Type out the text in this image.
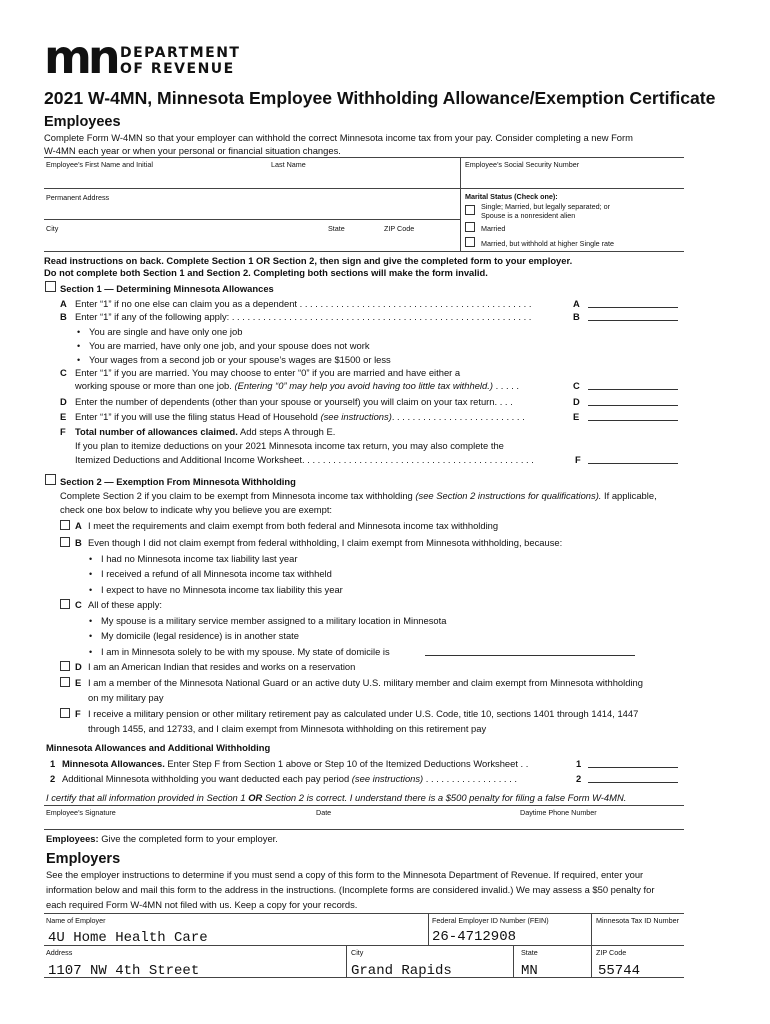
mn DEPARTMENT
OF REVENUE
2021 W-4MN, Minnesota Employee Withholding Allowance/Exemption Certificate
Employees
Complete Form W-4MN so that your employer can withhold the correct Minnesota income tax from your pay. Consider completing a new Form
W-4MN each year or when your personal or financial situation changes.
Employee’s First Name and Initial	Last Name	Employee’s Social Security Number
Permanent Address	Marital Status (Check one):
Single; Married, but legally separated; or
Spouse is a nonresident alien
Married
Married, but withhold at higher Single rate
City	State	ZIP Code
Read instructions on back. Complete Section 1 OR Section 2, then sign and give the completed form to your employer.
Do not complete both Section 1 and Section 2. Completing both sections will make the form invalid.
Section 1 — Determining Minnesota Allowances
A Enter “1” if no one else can claim you as a dependent . . . . . . . . . . . . . . . . . . . . . . . . . . . . . . . . . . . . . . . . . . . . .	A
B Enter “1” if any of the following apply: . . . . . . . . . . . . . . . . . . . . . . . . . . . . . . . . . . . . . . . . . . . . . . . . . . . . . . . . . .	B
• You are single and have only one job
• You are married, have only one job, and your spouse does not work
• Your wages from a second job or your spouse’s wages are $1500 or less
C Enter “1” if you are married. You may choose to enter “0” if you are married and have either a
working spouse or more than one job. (Entering “0” may help you avoid having too little tax withheld.) . . . . .	C
D Enter the number of dependents (other than your spouse or yourself) you will claim on your tax return. . . .	D
E Enter “1” if you will use the filing status Head of Household (see instructions). . . . . . . . . . . . . . . . . . . . . . . . . .	E
F Total number of allowances claimed. Add steps A through E.
If you plan to itemize deductions on your 2021 Minnesota income tax return, you may also complete the
Itemized Deductions and Additional Income Worksheet. . . . . . . . . . . . . . . . . . . . . . . . . . . . . . . . . . . . . . . . . . . . .	F
Section 2 — Exemption From Minnesota Withholding
Complete Section 2 if you claim to be exempt from Minnesota income tax withholding (see Section 2 instructions for qualifications). If applicable,
check one box below to indicate why you believe you are exempt:
A I meet the requirements and claim exempt from both federal and Minnesota income tax withholding
B Even though I did not claim exempt from federal withholding, I claim exempt from Minnesota withholding, because:
• I had no Minnesota income tax liability last year
• I received a refund of all Minnesota income tax withheld
• I expect to have no Minnesota income tax liability this year
C All of these apply:
• My spouse is a military service member assigned to a military location in Minnesota
• My domicile (legal residence) is in another state
• I am in Minnesota solely to be with my spouse. My state of domicile is
D I am an American Indian that resides and works on a reservation
E I am a member of the Minnesota National Guard or an active duty U.S. military member and claim exempt from Minnesota withholding
on my military pay
F I receive a military pension or other military retirement pay as calculated under U.S. Code, title 10, sections 1401 through 1414, 1447
through 1455, and 12733, and I claim exempt from Minnesota withholding on this retirement pay
Minnesota Allowances and Additional Withholding
1 Minnesota Allowances. Enter Step F from Section 1 above or Step 10 of the Itemized Deductions Worksheet . .	1
2 Additional Minnesota withholding you want deducted each pay period (see instructions) . . . . . . . . . . . . . . . . . .	2
I certify that all information provided in Section 1 OR Section 2 is correct. I understand there is a $500 penalty for filing a false Form W-4MN.
Employee’s Signature	Date	Daytime Phone Number
Employees: Give the completed form to your employer.
Employers
See the employer instructions to determine if you must send a copy of this form to the Minnesota Department of Revenue. If required, enter your
information below and mail this form to the address in the instructions. (Incomplete forms are considered invalid.) We may assess a $50 penalty for
each required Form W-4MN not filed with us. Keep a copy for your records.
Name of Employer	Federal Employer ID Number (FEIN)	Minnesota Tax ID Number
4U Home Health Care	26-4712908
Address	City	State	ZIP Code
1107 NW 4th Street	Grand Rapids	MN	55744
